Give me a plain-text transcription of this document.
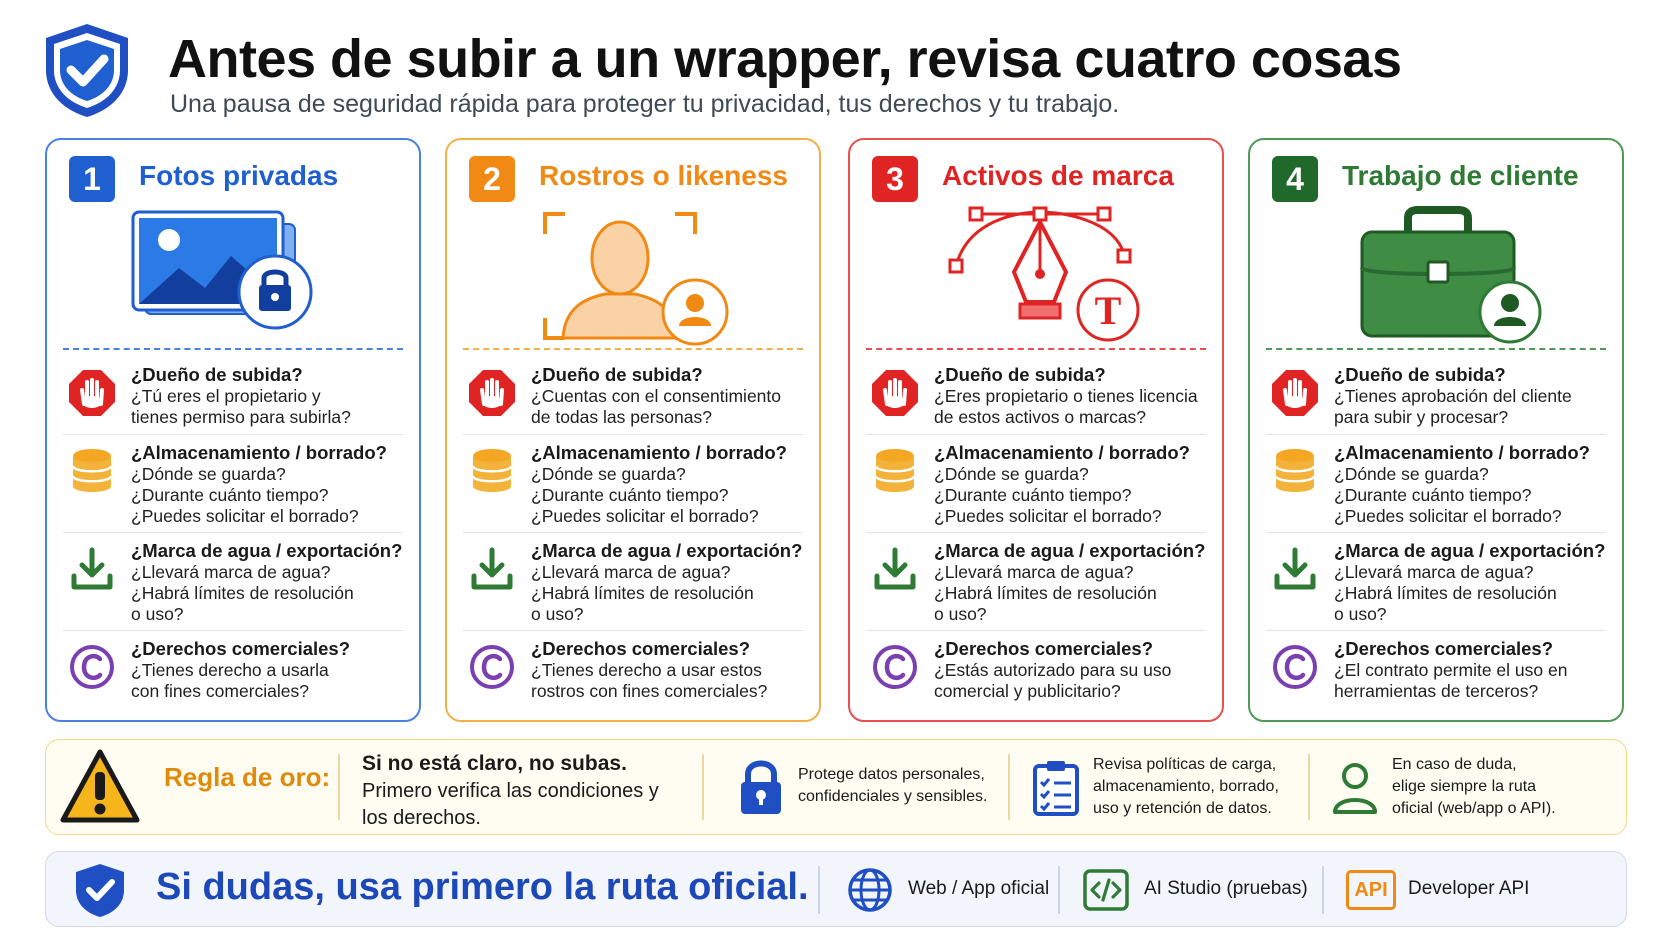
Antes de subir a un wrapper, revisa cuatro cosas
Una pausa de seguridad rápida para proteger tu privacidad, tus derechos y tu trabajo.
1	Fotos privadas
¿Dueño de subida?
¿Tú eres el propietario y
tienes permiso para subirla?
¿Almacenamiento / borrado?
¿Dónde se guarda?
¿Durante cuánto tiempo?
¿Puedes solicitar el borrado?
¿Marca de agua / exportación?
¿Llevará marca de agua?
¿Habrá límites de resolución
o uso?
¿Derechos comerciales?
¿Tienes derecho a usarla
con fines comerciales?
2	Rostros o likeness
¿Dueño de subida?
¿Cuentas con el consentimiento
de todas las personas?
¿Almacenamiento / borrado?
¿Dónde se guarda?
¿Durante cuánto tiempo?
¿Puedes solicitar el borrado?
¿Marca de agua / exportación?
¿Llevará marca de agua?
¿Habrá límites de resolución
o uso?
¿Derechos comerciales?
¿Tienes derecho a usar estos
rostros con fines comerciales?
3	Activos de marca
T
¿Dueño de subida?
¿Eres propietario o tienes licencia
de estos activos o marcas?
¿Almacenamiento / borrado?
¿Dónde se guarda?
¿Durante cuánto tiempo?
¿Puedes solicitar el borrado?
¿Marca de agua / exportación?
¿Llevará marca de agua?
¿Habrá límites de resolución
o uso?
¿Derechos comerciales?
¿Estás autorizado para su uso
comercial y publicitario?
4	Trabajo de cliente
¿Dueño de subida?
¿Tienes aprobación del cliente
para subir y procesar?
¿Almacenamiento / borrado?
¿Dónde se guarda?
¿Durante cuánto tiempo?
¿Puedes solicitar el borrado?
¿Marca de agua / exportación?
¿Llevará marca de agua?
¿Habrá límites de resolución
o uso?
¿Derechos comerciales?
¿El contrato permite el uso en
herramientas de terceros?
Regla de oro: Si no está claro, no subas.
Primero verifica las condiciones y los derechos.
Protege datos personales,
confidenciales y sensibles.
Revisa políticas de carga,
almacenamiento, borrado,
uso y retención de datos.
En caso de duda,
elige siempre la ruta
oficial (web/app o API).
Si dudas, usa primero la ruta oficial.	Web / App oficial	AI Studio (pruebas)	API	Developer API
